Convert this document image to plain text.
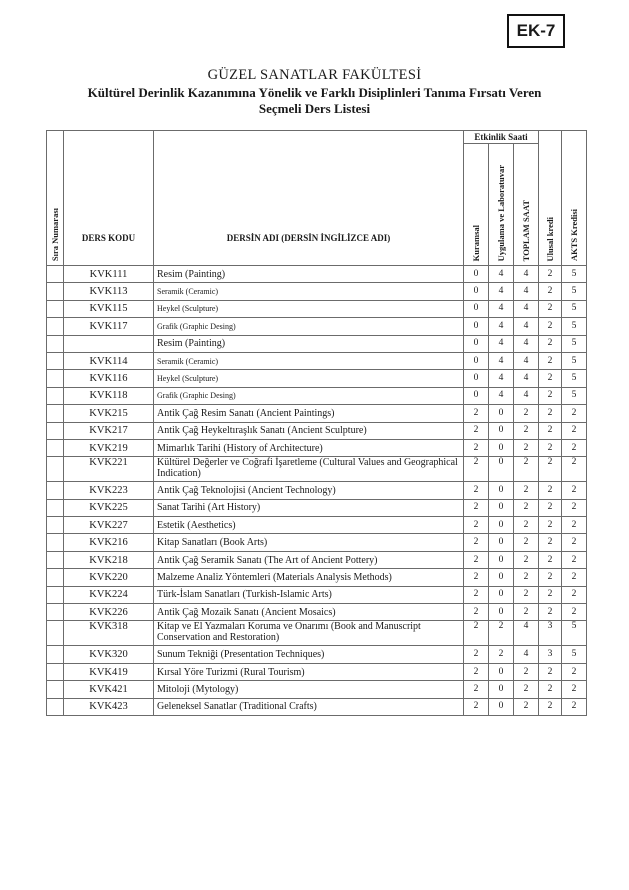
EK-7
GÜZEL SANATLAR FAKÜLTESİ
Kültürel Derinlik Kazanımına Yönelik ve Farklı Disiplinleri Tanıma Fırsatı Veren
Seçmeli Ders Listesi
Sıra Numarası	DERS KODU	DERSİN ADI (DERSİN İNGİLİZCE ADI)	Etkinlik Saati			Ulusal kredi	AKTS Kredisi

			Kuramsal	Uygulama ve Laboratuvar	TOPLAM SAAT		

	KVK111	Resim (Painting)	0	4	4	2	5
	KVK113	Seramik (Ceramic)	0	4	4	2	5
	KVK115	Heykel (Sculpture)	0	4	4	2	5
	KVK117	Grafik (Graphic Desing)	0	4	4	2	5
		Resim (Painting)	0	4	4	2	5
	KVK114	Seramik (Ceramic)	0	4	4	2	5
	KVK116	Heykel (Sculpture)	0	4	4	2	5
	KVK118	Grafik (Graphic Desing)	0	4	4	2	5
	KVK215	Antik Çağ Resim Sanatı (Ancient Paintings)	2	0	2	2	2
	KVK217	Antik Çağ Heykeltıraşlık Sanatı (Ancient Sculpture)	2	0	2	2	2
	KVK219	Mimarlık Tarihi (History of Architecture)	2	0	2	2	2
	KVK221	Kültürel Değerler ve Coğrafi İşaretleme (Cultural Values and Geographical Indication)	2	0	2	2	2
	KVK223	Antik Çağ Teknolojisi (Ancient Technology)	2	0	2	2	2
	KVK225	Sanat Tarihi (Art History)	2	0	2	2	2
	KVK227	Estetik (Aesthetics)	2	0	2	2	2
	KVK216	Kitap Sanatları (Book Arts)	2	0	2	2	2
	KVK218	Antik Çağ Seramik Sanatı (The Art of Ancient Pottery)	2	0	2	2	2
	KVK220	Malzeme Analiz Yöntemleri (Materials Analysis Methods)	2	0	2	2	2
	KVK224	Türk-İslam Sanatları (Turkish-Islamic Arts)	2	0	2	2	2
	KVK226	Antik Çağ Mozaik Sanatı (Ancient Mosaics)	2	0	2	2	2
	KVK318	Kitap ve El Yazmaları Koruma ve Onarımı (Book and Manuscript Conservation and Restoration)	2	2	4	3	5
	KVK320	Sunum Tekniği (Presentation Techniques)	2	2	4	3	5
	KVK419	Kırsal Yöre Turizmi (Rural Tourism)	2	0	2	2	2
	KVK421	Mitoloji (Mytology)	2	0	2	2	2
	KVK423	Geleneksel Sanatlar (Traditional Crafts)	2	0	2	2	2
